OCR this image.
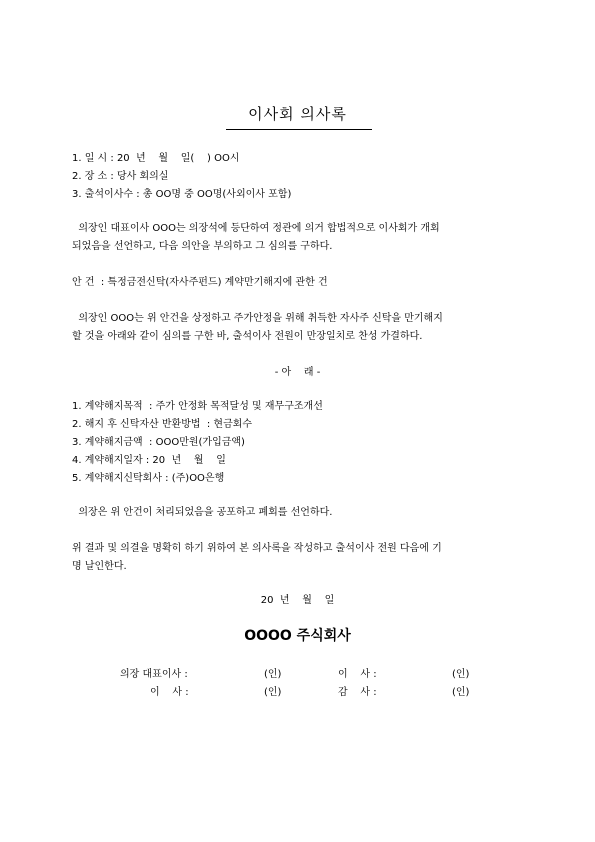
이사회 의사록
1. 일 시 : 20  년    월    일(    ) OO시
2. 장 소 : 당사 회의실
3. 출석이사수 : 총 OO명 중 OO명(사외이사 포함)
의장인 대표이사 OOO는 의장석에 등단하여 정관에 의거 합법적으로 이사회가 개회
되었음을 선언하고, 다음 의안을 부의하고 그 심의를 구하다.
안 건  : 특정금전신탁(자사주펀드) 계약만기해지에 관한 건
의장인 OOO는 위 안건을 상정하고 주가안정을 위해 취득한 자사주 신탁을 만기해지
할 것을 아래와 같이 심의를 구한 바, 출석이사 전원이 만장일치로 찬성 가결하다.
- 아    래 -
1. 계약해지목적  : 주가 안정화 목적달성 및 재무구조개선
2. 해지 후 신탁자산 반환방법  : 현금회수
3. 계약해지금액  : OOO만원(가입금액)
4. 계약해지일자 : 20  년    월    일
5. 계약해지신탁회사 : (주)OO은행
의장은 위 안건이 처리되었음을 공포하고 폐회를 선언하다.
위 결과 및 의결을 명확히 하기 위하여 본 의사록을 작성하고 출석이사 전원 다음에 기
명 날인한다.
20  년    월    일
OOOO 주식회사
의장 대표이사 :	(인)	이    사 :	(인)
이    사 :	(인)	감    사 :	(인)
